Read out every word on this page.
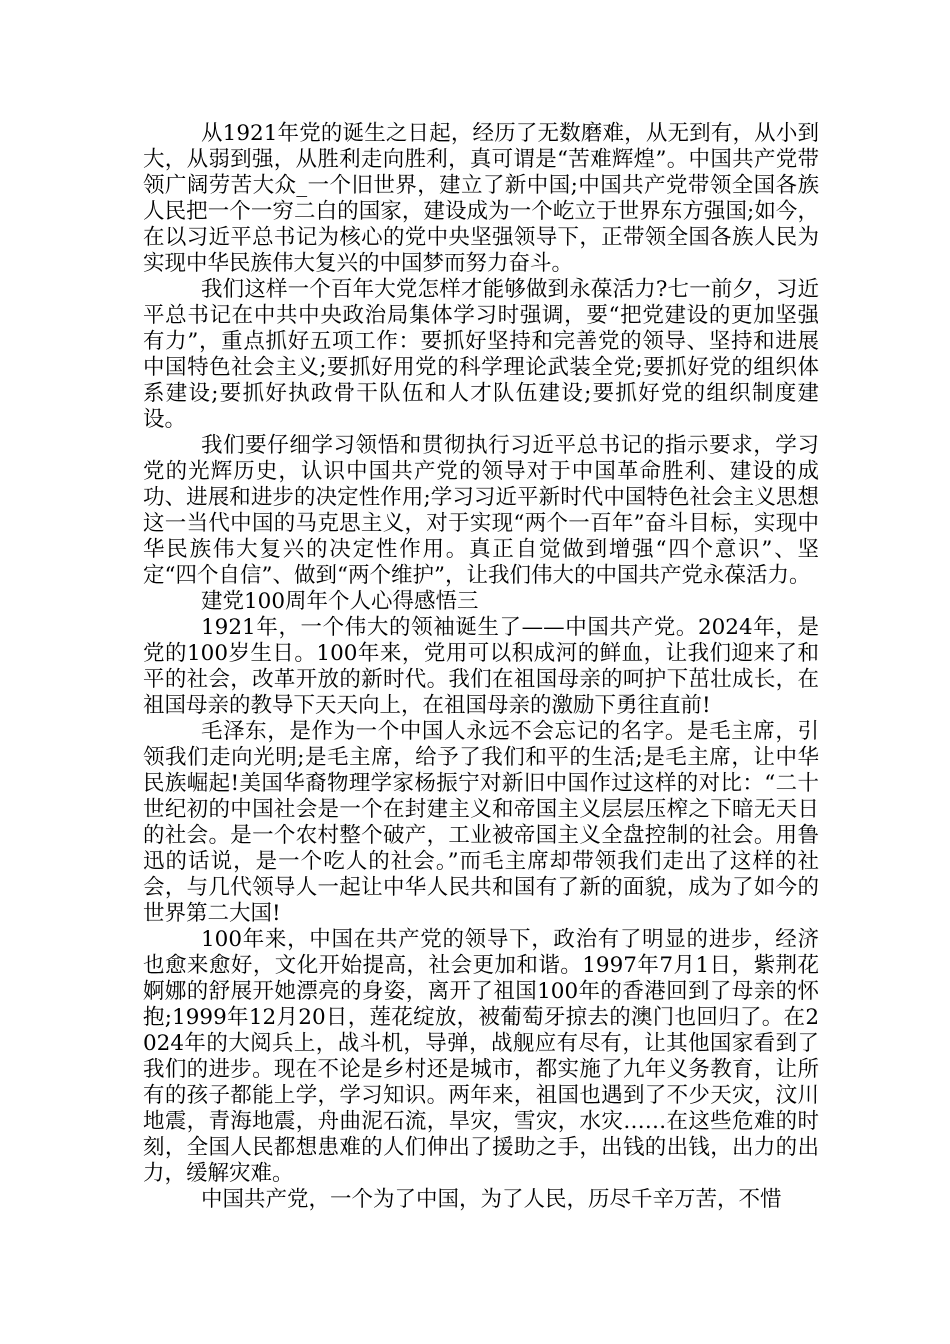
从1921年党的诞生之日起，经历了无数磨难，从无到有，从小到大，从弱到强，从胜利走向胜利，真可谓是“苦难辉煌”。中国共产党带领广阔劳苦大众_一个旧世界，建立了新中国;中国共产党带领全国各族人民把一个一穷二白的国家，建设成为一个屹立于世界东方强国;如今，在以习近平总书记为核心的党中央坚强领导下，正带领全国各族人民为实现中华民族伟大复兴的中国梦而努力奋斗。

我们这样一个百年大党怎样才能够做到永葆活力?七一前夕，习近平总书记在中共中央政治局集体学习时强调，要“把党建设的更加坚强有力”，重点抓好五项工作：要抓好坚持和完善党的领导、坚持和进展中国特色社会主义;要抓好用党的科学理论武装全党;要抓好党的组织体系建设;要抓好执政骨干队伍和人才队伍建设;要抓好党的组织制度建设。

我们要仔细学习领悟和贯彻执行习近平总书记的指示要求，学习党的光辉历史，认识中国共产党的领导对于中国革命胜利、建设的成功、进展和进步的决定性作用;学习习近平新时代中国特色社会主义思想这一当代中国的马克思主义，对于实现“两个一百年”奋斗目标，实现中华民族伟大复兴的决定性作用。真正自觉做到增强“四个意识”、坚定“四个自信”、做到“两个维护”，让我们伟大的中国共产党永葆活力。

建党100周年个人心得感悟三

1921年，一个伟大的领袖诞生了——中国共产党。2024年，是党的100岁生日。100年来，党用可以积成河的鲜血，让我们迎来了和平的社会，改革开放的新时代。我们在祖国母亲的呵护下茁壮成长，在祖国母亲的教导下天天向上，在祖国母亲的激励下勇往直前!

毛泽东，是作为一个中国人永远不会忘记的名字。是毛主席，引领我们走向光明;是毛主席，给予了我们和平的生活;是毛主席，让中华民族崛起!美国华裔物理学家杨振宁对新旧中国作过这样的对比：“二十世纪初的中国社会是一个在封建主义和帝国主义层层压榨之下暗无天日的社会。是一个农村整个破产，工业被帝国主义全盘控制的社会。用鲁迅的话说，是一个吃人的社会。”而毛主席却带领我们走出了这样的社会，与几代领导人一起让中华人民共和国有了新的面貌，成为了如今的世界第二大国!

100年来，中国在共产党的领导下，政治有了明显的进步，经济也愈来愈好，文化开始提高，社会更加和谐。1997年7月1日，紫荆花婀娜的舒展开她漂亮的身姿，离开了祖国100年的香港回到了母亲的怀抱;1999年12月20日，莲花绽放，被葡萄牙掠去的澳门也回归了。在2024年的大阅兵上，战斗机，导弹，战舰应有尽有，让其他国家看到了我们的进步。现在不论是乡村还是城市，都实施了九年义务教育，让所有的孩子都能上学，学习知识。两年来，祖国也遇到了不少天灾，汶川地震，青海地震，舟曲泥石流，旱灾，雪灾，水灾……在这些危难的时刻，全国人民都想患难的人们伸出了援助之手，出钱的出钱，出力的出力，缓解灾难。

中国共产党，一个为了中国，为了人民，历尽千辛万苦，不惜
